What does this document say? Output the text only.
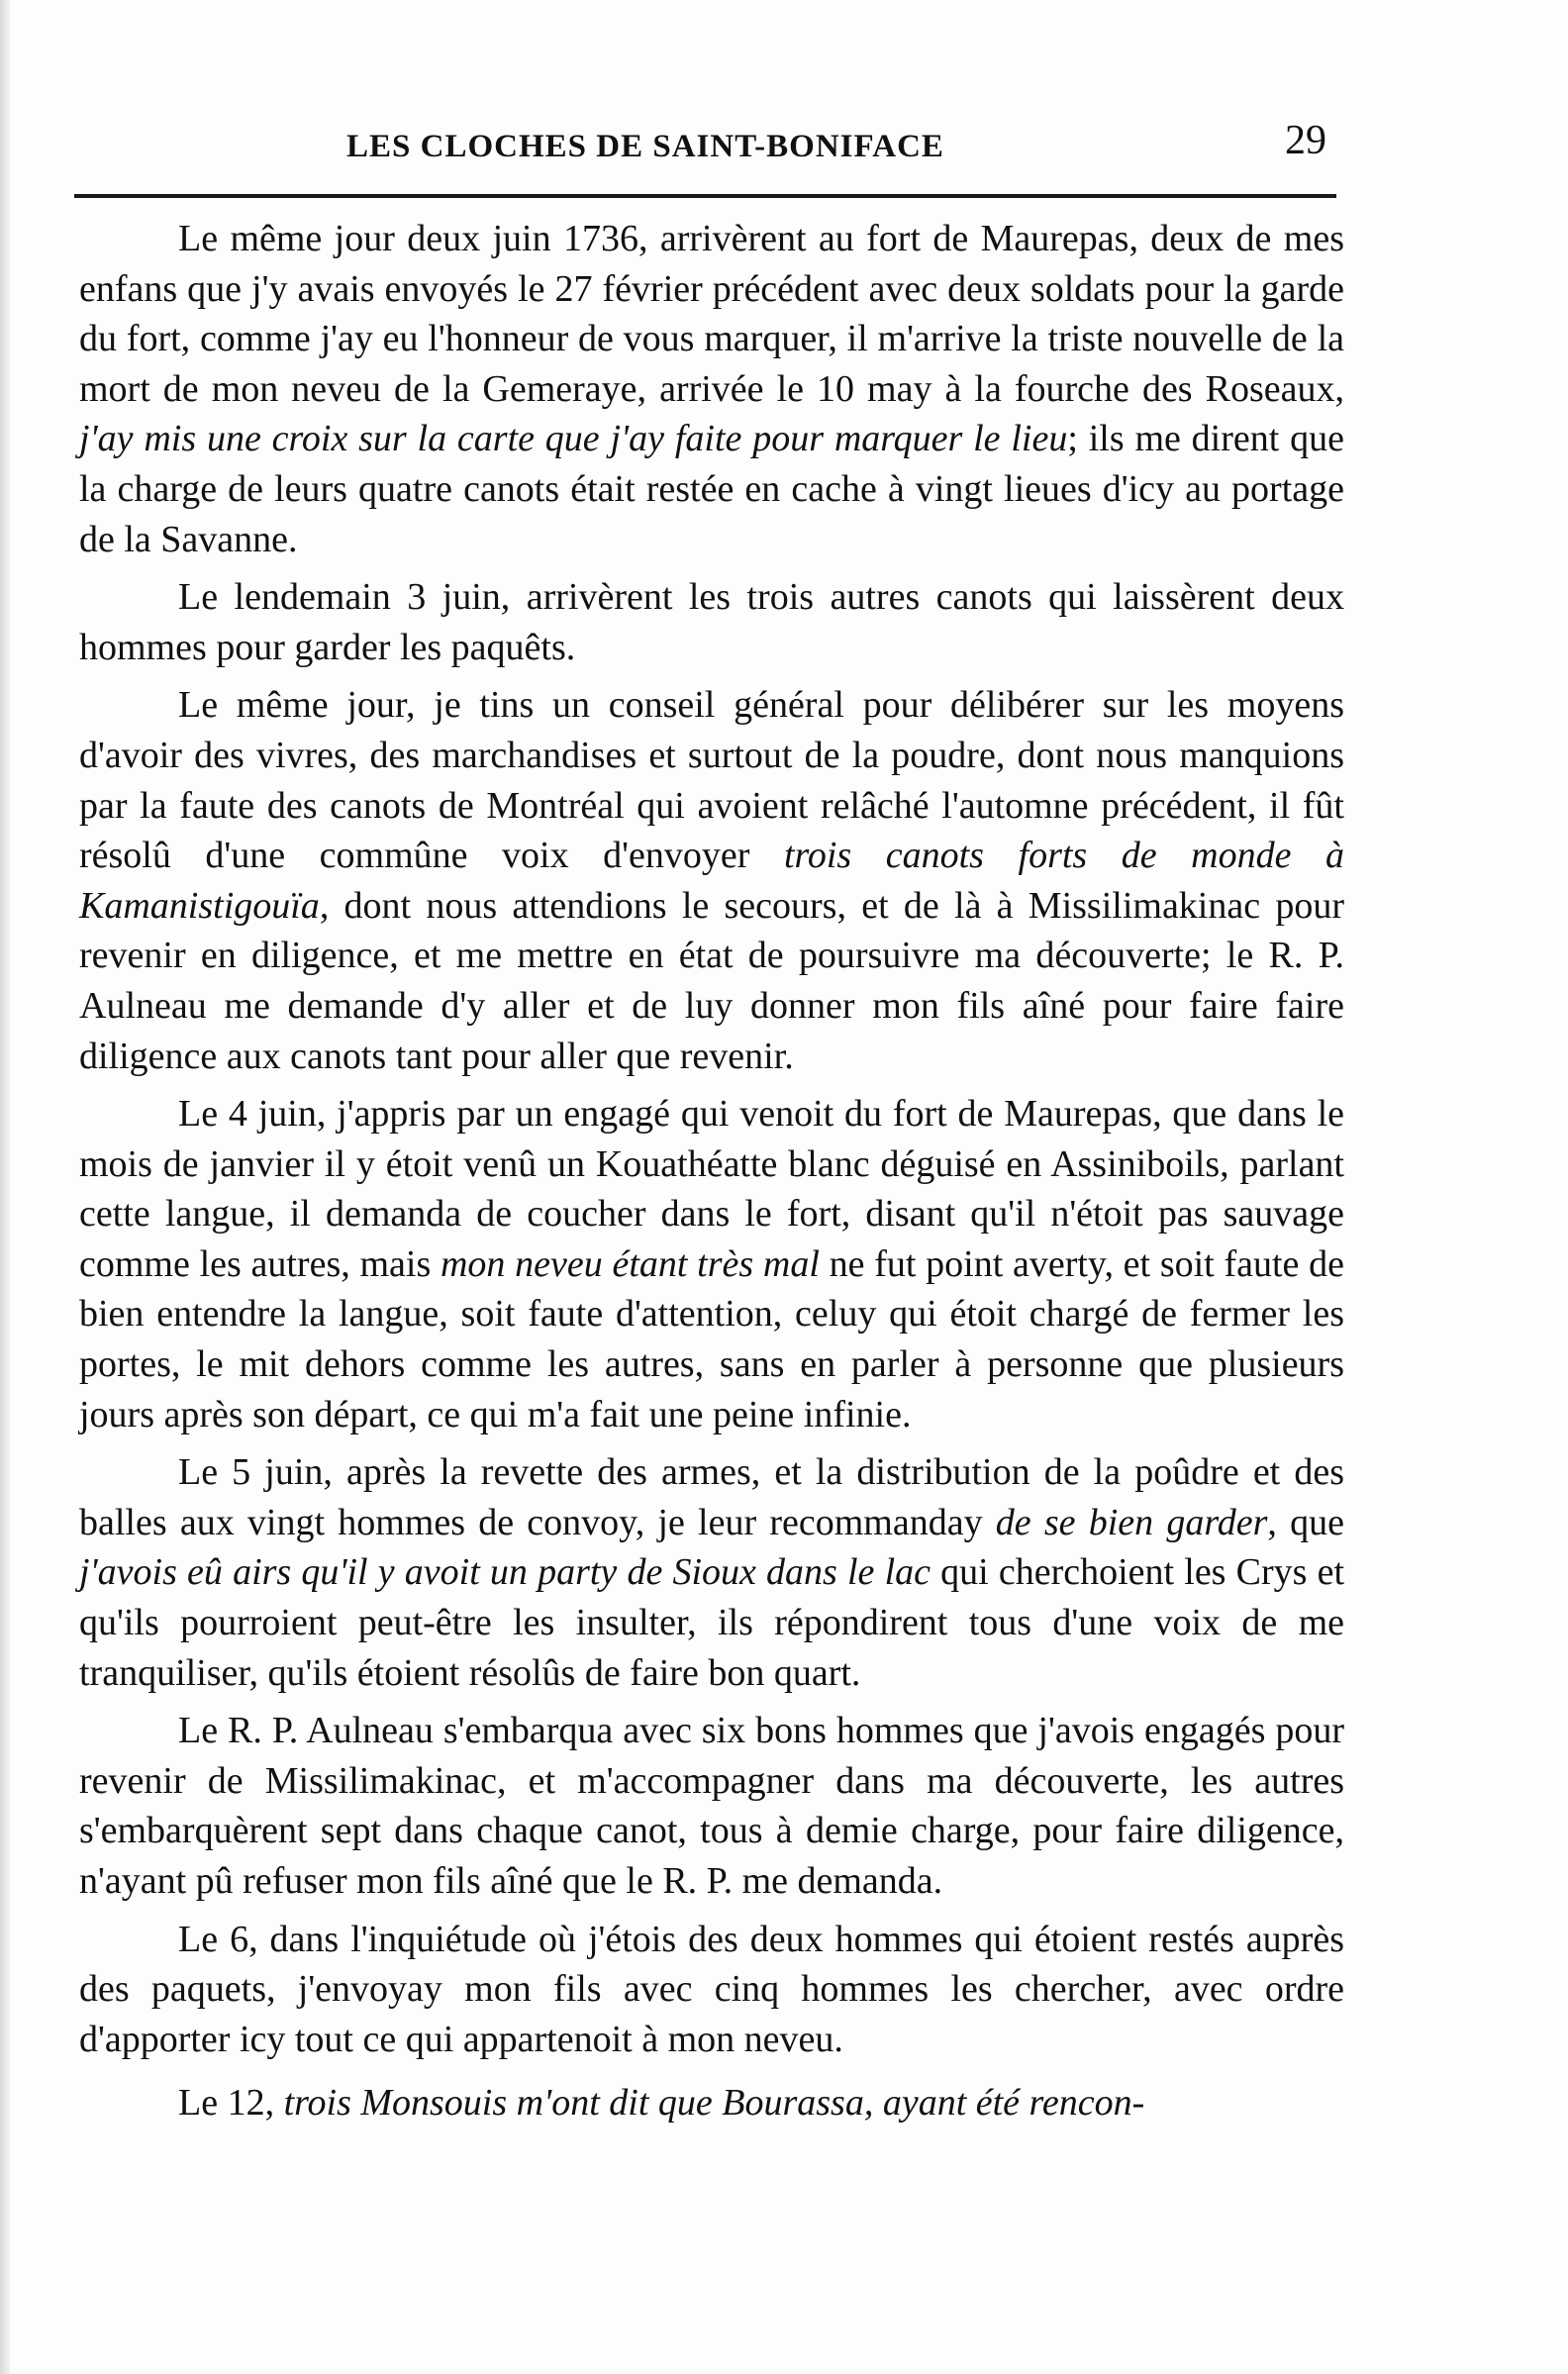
LES CLOCHES DE SAINT-BONIFACE	29

Le même jour deux juin 1736, arrivèrent au fort de Maurepas, deux de mes enfans que j'y avais envoyés le 27 février précédent avec deux soldats pour la garde du fort, comme j'ay eu l'honneur de vous marquer, il m'arrive la triste nouvelle de la mort de mon neveu de la Gemeraye, arrivée le 10 may à la fourche des Roseaux, j'ay mis une croix sur la carte que j'ay faite pour marquer le lieu; ils me dirent que la charge de leurs quatre canots était restée en cache à vingt lieues d'icy au portage de la Savanne.

Le lendemain 3 juin, arrivèrent les trois autres canots qui laissèrent deux hommes pour garder les paquêts.

Le même jour, je tins un conseil général pour délibérer sur les moyens d'avoir des vivres, des marchandises et surtout de la poudre, dont nous manquions par la faute des canots de Montréal qui avoient relâché l'automne précédent, il fût résolû d'une commûne voix d'envoyer trois canots forts de monde à Kamanistigouïa, dont nous attendions le secours, et de là à Missilimakinac pour revenir en diligence, et me mettre en état de poursuivre ma découverte; le R. P. Aulneau me demande d'y aller et de luy donner mon fils aîné pour faire faire diligence aux canots tant pour aller que revenir.

Le 4 juin, j'appris par un engagé qui venoit du fort de Maurepas, que dans le mois de janvier il y étoit venû un Kouathéatte blanc déguisé en Assiniboils, parlant cette langue, il demanda de coucher dans le fort, disant qu'il n'étoit pas sauvage comme les autres, mais mon neveu étant très mal ne fut point averty, et soit faute de bien entendre la langue, soit faute d'attention, celuy qui étoit chargé de fermer les portes, le mit dehors comme les autres, sans en parler à personne que plusieurs jours après son départ, ce qui m'a fait une peine infinie.

Le 5 juin, après la revette des armes, et la distribution de la poûdre et des balles aux vingt hommes de convoy, je leur recommanday de se bien garder, que j'avois eû airs qu'il y avoit un party de Sioux dans le lac qui cherchoient les Crys et qu'ils pourroient peut-être les insulter, ils répondirent tous d'une voix de me tranquiliser, qu'ils étoient résolûs de faire bon quart.

Le R. P. Aulneau s'embarqua avec six bons hommes que j'avois engagés pour revenir de Missilimakinac, et m'accompagner dans ma découverte, les autres s'embarquèrent sept dans chaque canot, tous à demie charge, pour faire diligence, n'ayant pû refuser mon fils aîné que le R. P. me demanda.

Le 6, dans l'inquiétude où j'étois des deux hommes qui étoient restés auprès des paquets, j'envoyay mon fils avec cinq hommes les chercher, avec ordre d'apporter icy tout ce qui appartenoit à mon neveu.

Le 12, trois Monsouis m'ont dit que Bourassa, ayant été rencon-
